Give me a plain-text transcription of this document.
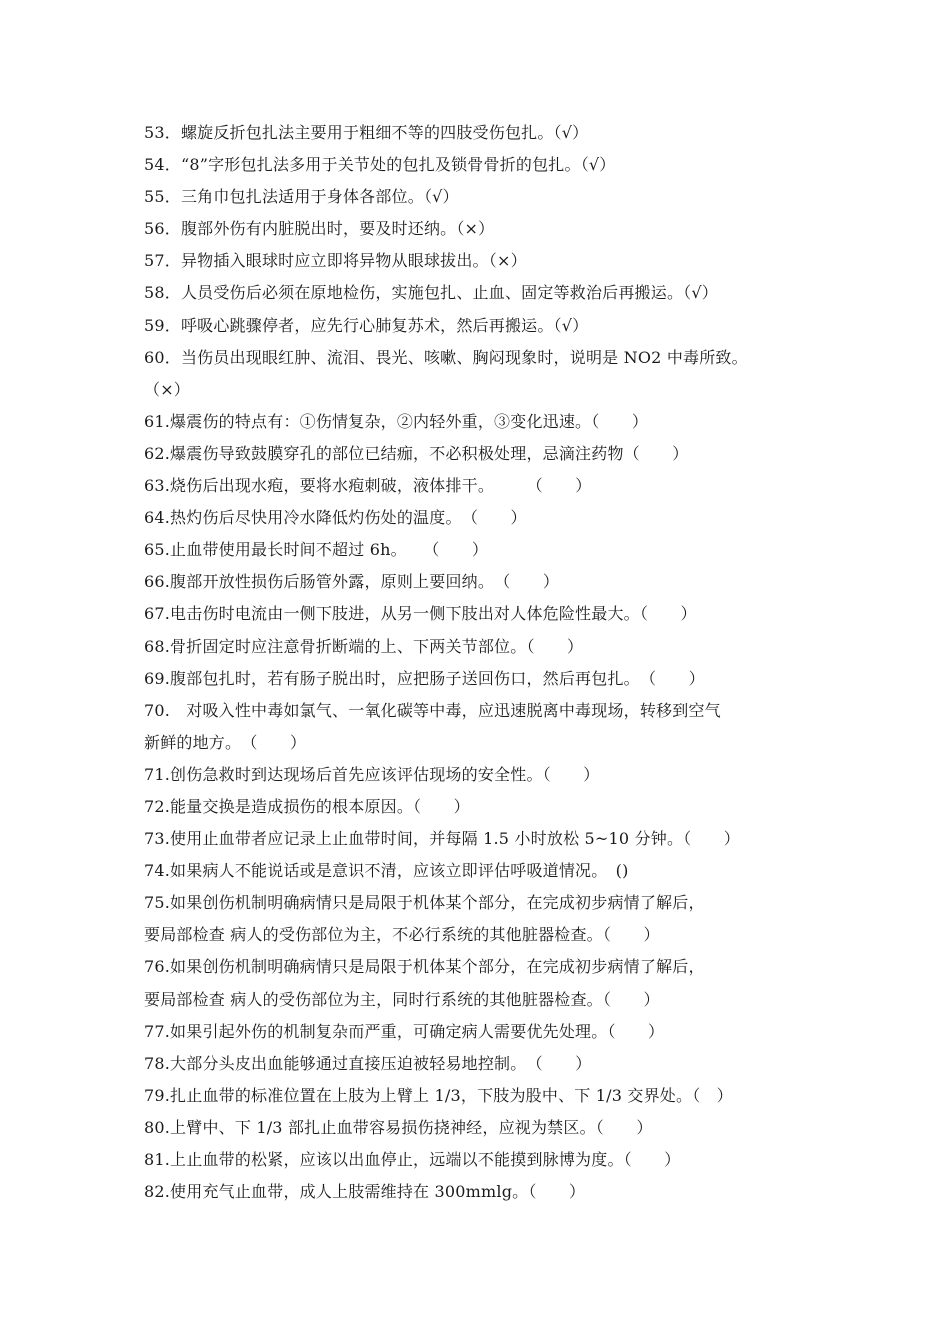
53．螺旋反折包扎法主要用于粗细不等的四肢受伤包扎。（√）
54．“8”字形包扎法多用于关节处的包扎及锁骨骨折的包扎。（√）
55．三角巾包扎法适用于身体各部位。（√）
56．腹部外伤有内脏脱出时，要及时还纳。（×）
57．异物插入眼球时应立即将异物从眼球拔出。（×）
58．人员受伤后必须在原地检伤，实施包扎、止血、固定等救治后再搬运。（√）
59．呼吸心跳骤停者，应先行心肺复苏术，然后再搬运。（√）
60．当伤员出现眼红肿、流泪、畏光、咳嗽、胸闷现象时，说明是 NO2 中毒所致。
（×）
61.爆震伤的特点有：①伤情复杂，②内轻外重，③变化迅速。（　　）
62.爆震伤导致鼓膜穿孔的部位已结痂，不必积极处理，忌滴注药物（　　）
63.烧伤后出现水疱，要将水疱刺破，液体排干。　　　（　　）
64.热灼伤后尽快用冷水降低灼伤处的温度。　（　　）
65.止血带使用最长时间不超过 6h。　　（　　）
66.腹部开放性损伤后肠管外露，原则上要回纳。　（　　）
67.电击伤时电流由一侧下肢进，从另一侧下肢出对人体危险性最大。（　　）
68.骨折固定时应注意骨折断端的上、下两关节部位。（　　）
69.腹部包扎时，若有肠子脱出时，应把肠子送回伤口，然后再包扎。　（　　）
70.　对吸入性中毒如氯气、一氧化碳等中毒，应迅速脱离中毒现场，转移到空气
新鲜的地方。　（　　）
71.创伤急救时到达现场后首先应该评估现场的安全性。（　　）
72.能量交换是造成损伤的根本原因。（　　）
73.使用止血带者应记录上止血带时间，并每隔 1.5 小时放松 5~10 分钟。（　　）
74.如果病人不能说话或是意识不清，应该立即评估呼吸道情况。　()
75.如果创伤机制明确病情只是局限于机体某个部分，在完成初步病情了解后，
要局部检查 病人的受伤部位为主，不必行系统的其他脏器检查。（　　）
76.如果创伤机制明确病情只是局限于机体某个部分，在完成初步病情了解后，
要局部检查 病人的受伤部位为主，同时行系统的其他脏器检查。（　　）
77.如果引起外伤的机制复杂而严重，可确定病人需要优先处理。（　　）
78.大部分头皮出血能够通过直接压迫被轻易地控制。　（　　）
79.扎止血带的标准位置在上肢为上臂上 1/3，下肢为股中、下 1/3 交界处。（　）
80.上臂中、下 1/3 部扎止血带容易损伤挠神经，应视为禁区。（　　）
81.上止血带的松紧，应该以出血停止，远端以不能摸到脉博为度。（　　）
82.使用充气止血带，成人上肢需维持在 300mmlg。（　　）
